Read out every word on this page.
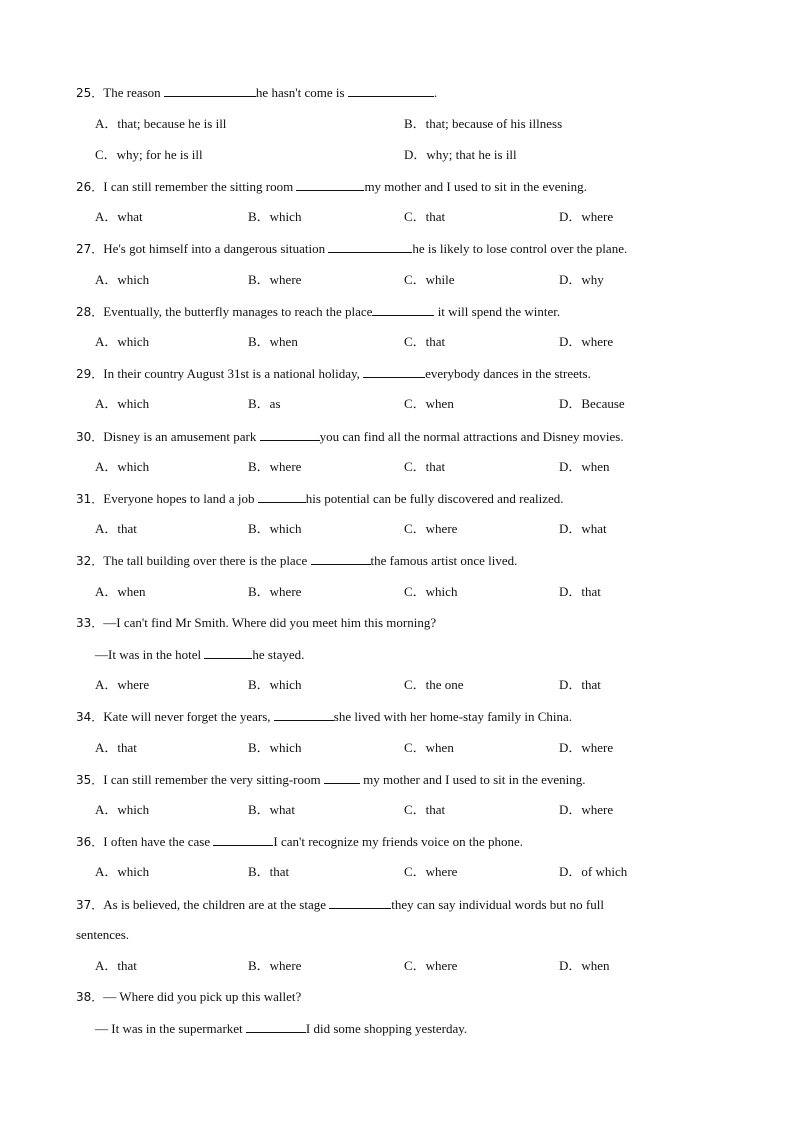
25．The reason	he hasn't come is	.
A．that; because he is ill	B．that; because of his illness
C．why; for he is ill	D．why; that he is ill
26．I can still remember the sitting room	my mother and I used to sit in the evening.
A．what	B．which	C．that	D．where
27．He's got himself into a dangerous situation	he is likely to lose control over the plane.
A．which	B．where	C．while	D．why
28．Eventually, the butterfly manages to reach the place	it will spend the winter.
A．which	B．when	C．that	D．where
29．In their country August 31st is a national holiday,	everybody dances in the streets.
A．which	B．as	C．when	D．Because
30．Disney is an amusement park	you can find all the normal attractions and Disney movies.
A．which	B．where	C．that	D．when
31．Everyone hopes to land a job	his potential can be fully discovered and realized.
A．that	B．which	C．where	D．what
32．The tall building over there is the place	the famous artist once lived.
A．when	B．where	C．which	D．that
33．—I can't find Mr Smith. Where did you meet him this morning?
—It was in the hotel	he stayed.
A．where	B．which	C．the one	D．that
34．Kate will never forget the years,	she lived with her home-stay family in China.
A．that	B．which	C．when	D．where
35．I can still remember the very sitting-room	my mother and I used to sit in the evening.
A．which	B．what	C．that	D．where
36．I often have the case	I can't recognize my friends voice on the phone.
A．which	B．that	C．where	D．of which
37．As is believed, the children are at the stage	they can say individual words but no full
sentences.
A．that	B．where	C．where	D．when
38．— Where did you pick up this wallet?
— It was in the supermarket	I did some shopping yesterday.
